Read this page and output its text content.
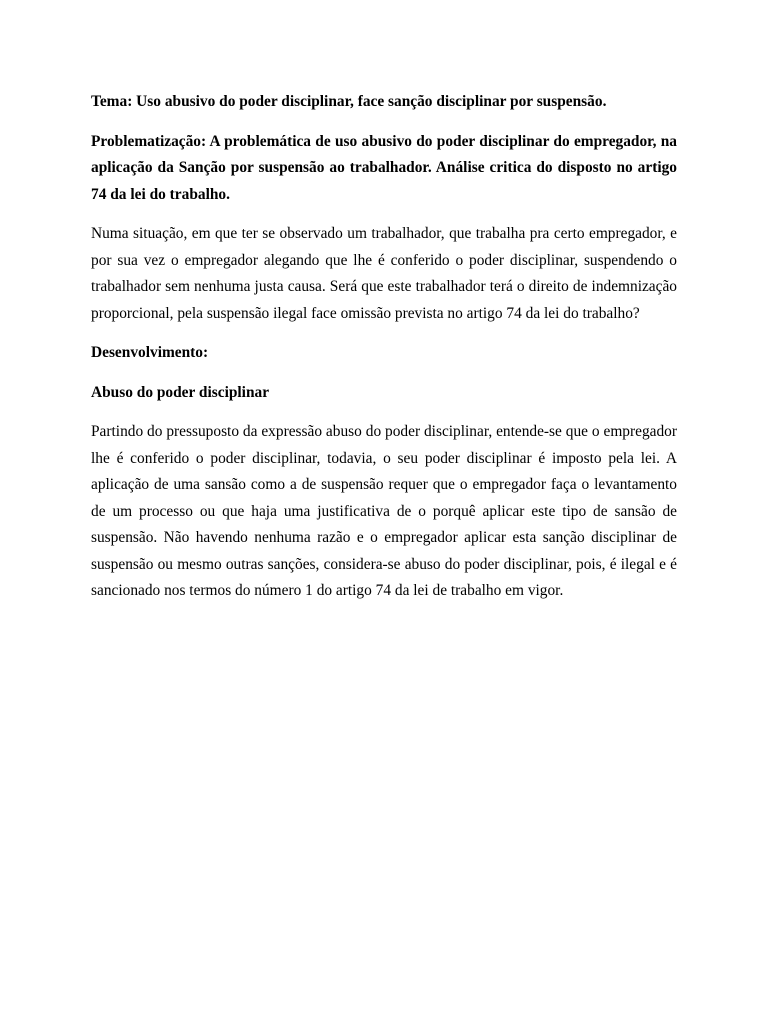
Tema: Uso abusivo do poder disciplinar, face sanção disciplinar por suspensão.

Problematização: A problemática de uso abusivo do poder disciplinar do empregador, na aplicação da Sanção por suspensão ao trabalhador. Análise critica do disposto no artigo 74 da lei do trabalho.

Numa situação, em que ter se observado um trabalhador, que trabalha pra certo empregador, e por sua vez o empregador alegando que lhe é conferido o poder disciplinar, suspendendo o trabalhador sem nenhuma justa causa. Será que este trabalhador terá o direito de indemnização proporcional, pela suspensão ilegal face omissão prevista no artigo 74 da lei do trabalho?

Desenvolvimento:

Abuso do poder disciplinar

Partindo do pressuposto da expressão abuso do poder disciplinar, entende-se que o empregador lhe é conferido o poder disciplinar, todavia, o seu poder disciplinar é imposto pela lei. A aplicação de uma sansão como a de suspensão requer que o empregador faça o levantamento de um processo ou que haja uma justificativa de o porquê aplicar este tipo de sansão de suspensão. Não havendo nenhuma razão e o empregador aplicar esta sanção disciplinar de suspensão ou mesmo outras sanções, considera-se abuso do poder disciplinar, pois, é ilegal e é sancionado nos termos do número 1 do artigo 74 da lei de trabalho em vigor.
